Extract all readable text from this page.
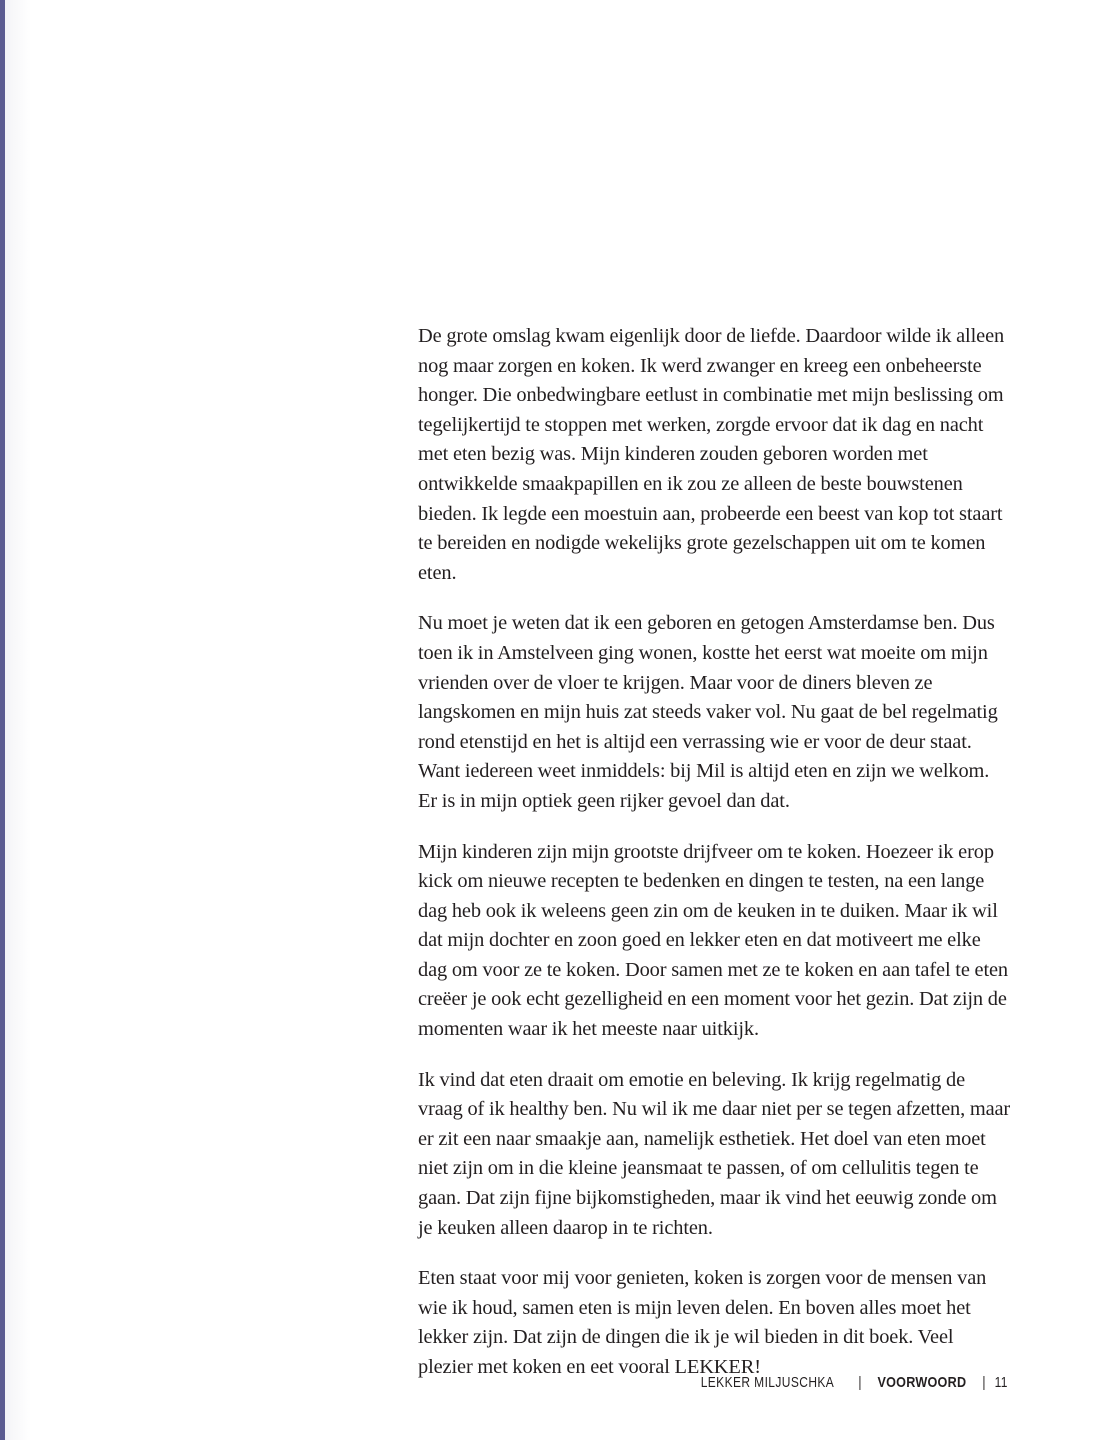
De grote omslag kwam eigenlijk door de liefde. Daardoor wilde ik alleen nog maar zorgen en koken. Ik werd zwanger en kreeg een onbeheerste honger. Die onbedwingbare eetlust in combinatie met mijn beslissing om tegelijkertijd te stoppen met werken, zorgde ervoor dat ik dag en nacht met eten bezig was. Mijn kinderen zouden geboren worden met ontwikkelde smaakpapillen en ik zou ze alleen de beste bouwstenen bieden. Ik legde een moestuin aan, probeerde een beest van kop tot staart te bereiden en nodigde wekelijks grote gezelschappen uit om te komen eten.

Nu moet je weten dat ik een geboren en getogen Amsterdamse ben. Dus toen ik in Amstelveen ging wonen, kostte het eerst wat moeite om mijn vrienden over de vloer te krijgen. Maar voor de diners bleven ze langskomen en mijn huis zat steeds vaker vol. Nu gaat de bel regelmatig rond etenstijd en het is altijd een verrassing wie er voor de deur staat. Want iedereen weet inmiddels: bij Mil is altijd eten en zijn we welkom. Er is in mijn optiek geen rijker gevoel dan dat.

Mijn kinderen zijn mijn grootste drijfveer om te koken. Hoezeer ik erop kick om nieuwe recepten te bedenken en dingen te testen, na een lange dag heb ook ik weleens geen zin om de keuken in te duiken. Maar ik wil dat mijn dochter en zoon goed en lekker eten en dat motiveert me elke dag om voor ze te koken. Door samen met ze te koken en aan tafel te eten creëer je ook echt gezelligheid en een moment voor het gezin. Dat zijn de momenten waar ik het meeste naar uitkijk.

Ik vind dat eten draait om emotie en beleving. Ik krijg regelmatig de vraag of ik healthy ben. Nu wil ik me daar niet per se tegen afzetten, maar er zit een naar smaakje aan, namelijk esthetiek. Het doel van eten moet niet zijn om in die kleine jeansmaat te passen, of om cellulitis tegen te gaan. Dat zijn fijne bijkomstigheden, maar ik vind het eeuwig zonde om je keuken alleen daarop in te richten.

Eten staat voor mij voor genieten, koken is zorgen voor de mensen van wie ik houd, samen eten is mijn leven delen. En boven alles moet het lekker zijn. Dat zijn de dingen die ik je wil bieden in dit boek. Veel plezier met koken en eet vooral LEKKER!

LEKKER MILJUSCHKA | VOORWOORD | 11
